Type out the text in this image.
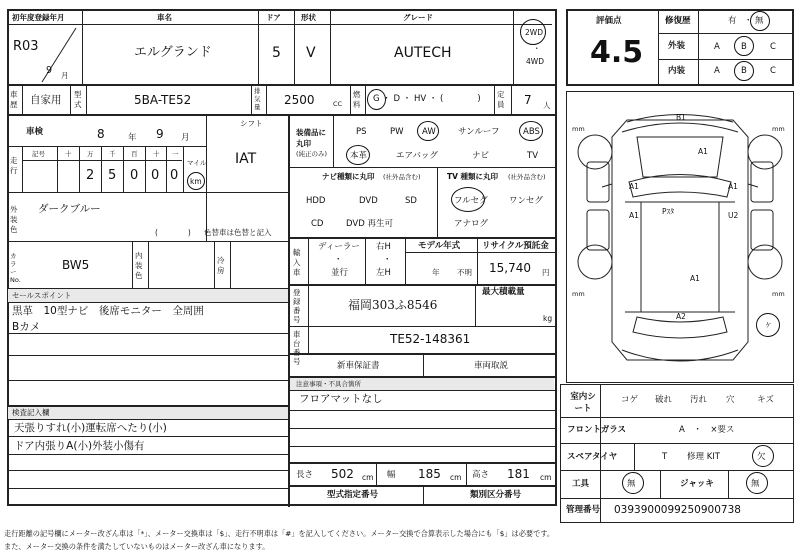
初年度登録年月	車名	ドア	形状	グレード
R03
9 月
エルグランド	5 V	AUTECH
2WD
・
4WD
車歴 自家用 型式	5BA-TE52
排気量 2500	CC
燃料
G ・ D ・ HV ・ (　　　　) 定員 7 人
車検	8	年 9 月
シフト
IAT
走行
記号	十 万 千 百 十 一
2 5 0 0 0
マイル
km
外装色
ダークブルー
(　　　　) 色替車は色替と記入
カラーNo.
BW5
内装色
冷房
セールスポイント
黒革　10型ナビ　後席モニター　全周囲
Bカメ
検査記入欄
天張りすれ(小)運転席へたり(小)
ドア内張りA(小)外装小傷有
装備品に丸印
(純正のみ)
PS	PW AW	サンルーフ	ABS
本革	エアバッグ	ナビ	TV
ナビ種類に丸印 (社外品含む)
HDD	DVD	SD
CD	DVD 再生可
TV 種類に丸印 (社外品含む)
フルセグ	ワンセグ
アナログ
輸入車
ディーラー
・
並行
右H
・
左H
モデル年式
年 不明
リサイクル預託金
15,740 円
登録番号
福岡303ふ8546
最大積載量
kg
車台 号
TE52-148361
新車保証書	車両取説
注意事項・不具合箇所
フロアマットなし
長さ 502 cm 幅 185 cm 高さ 181 cm
型式指定番号	類別区分番号
評価点
4.5
修復歴	有 ・ 無
外装	A B	C
内装	A B	C
B1
A1
A1	A1
A1	Pｽﾀ	U2
A1
A2
mm	mm
mm	mm
ヶ
室内シート
コゲ 破れ 汚れ 穴	キズ
フロントガラス	A　・　×要ス
スペアタイヤ	T 修理 KIT	欠
工具	無	ジャッキ	無
管理番号 0393900099250900738
走行距離の記号欄にメーター改ざん車は「*」、メーター交換車は「$」、走行不明車は「#」を記入してください。メーター交換で合算表示した場合にも「$」は必要です。
また、メーター交換の条件を満たしていないものはメーター改ざん車になります。
